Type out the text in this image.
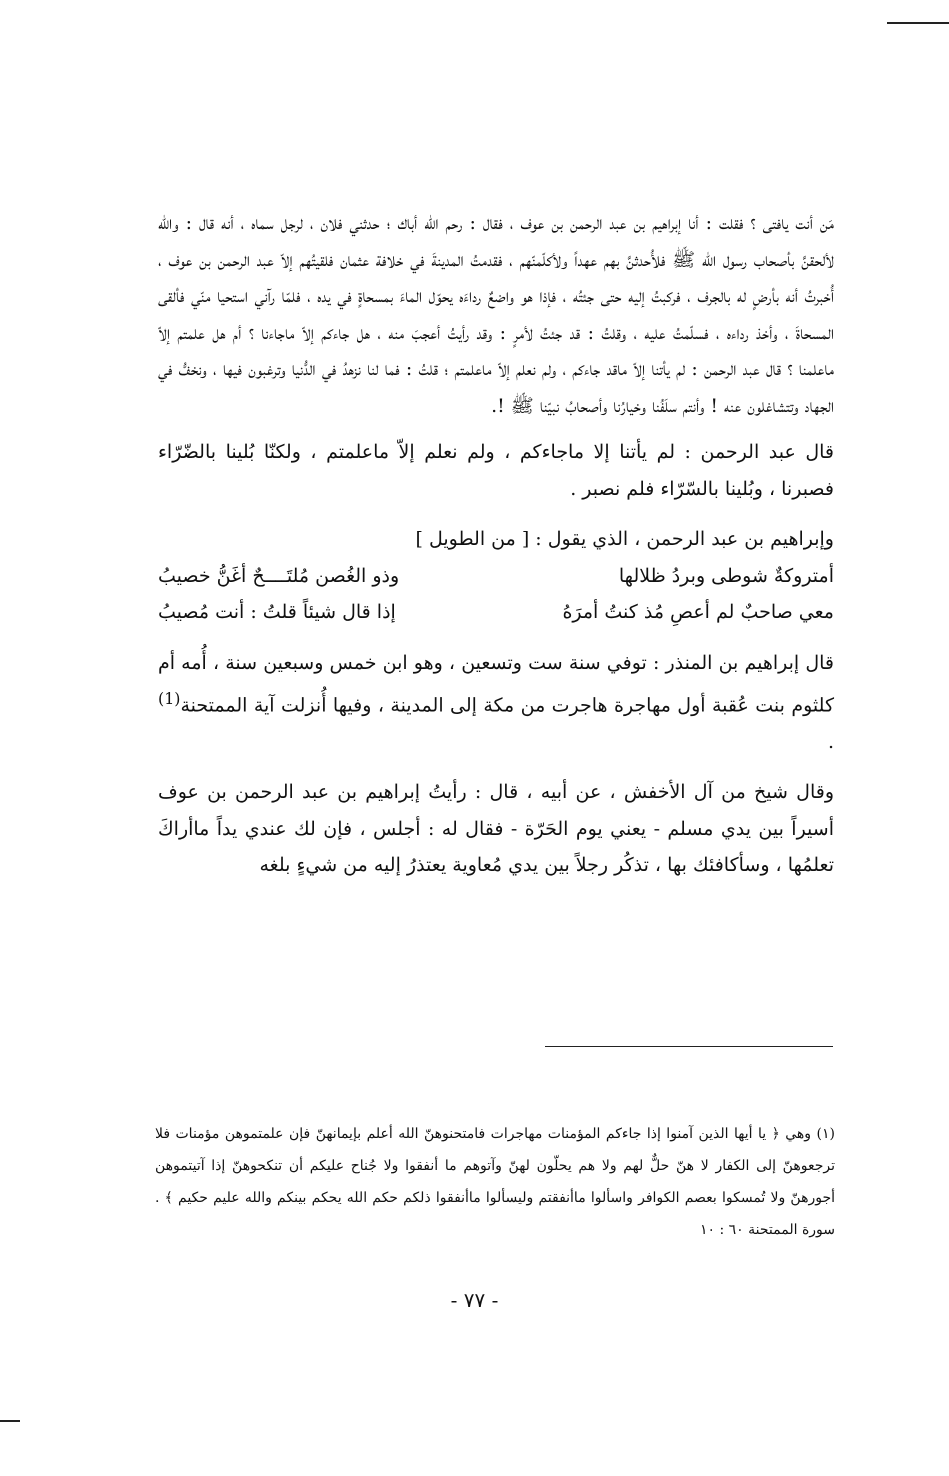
مَن أنت يافتى ؟ فقلت : أنا إبراهيم بن عبد الرحمن بن عوف ، فقال : رحم الله أباك ؛ حدثني فلان ، لرجل سماه ، أنه قال : والله لألحقنَّ بأصحاب رسول الله ﷺ فلأُحدثنَّ بهم عهداً ولأكلّمنّهم ، فقدمتُ المدينةَ في خلافة عثمان فلقيتُهم إلاّ عبد الرحمن بن عوف ، أُخبرتُ أنه بأرضٍ له بالجرف ، فركبتُ إليه حتى جئتُه ، فإذا هو واضعٌ رداءَه يحوّل الماءَ بمسحاةٍ في يده ، فلمّا رآني استحيا منّي فألقى المسحاةَ ، وأخذ رداءه ، فسلّمتُ عليه ، وقلتُ : قد جئتُ لأمرٍ : وقد رأيتُ أعجبَ منه ، هل جاءكم إلاّ ماجاءنا ؟ أم هل علمتم إلاّ ماعلمنا ؟ قال عبد الرحمن : لم يأتنا إلاّ ماقد جاءكم ، ولم نعلم إلاّ ماعلمتم ؛ قلتُ : فما لنا نزهدُ في الدُّنيا وترغبون فيها ، ونخفُّ في الجهاد وتتشاغلون عنه ! وأنتم سلَفُنا وخيارُنا وأصحابُ نبيّنا ﷺ !.

قال عبد الرحمن : لم يأتنا إلا ماجاءكم ، ولم نعلم إلاّ ماعلمتم ، ولكنّا بُلينا بالضّرّاء فصبرنا ، وبُلينا بالسّرّاء فلم نصبر .

وإبراهيم بن عبد الرحمن ، الذي يقول : [ من الطويل ]

أمتروكةٌ شوطى وبردُ ظلالها
وذو الغُصن مُلتَــــحٌ أغَنُّ خصيبُ
معي صاحبٌ لم أعصِ مُذ كنتُ أمرَهُ
إذا قال شيئاً قلتُ : أنت مُصيبُ

قال إبراهيم بن المنذر : توفي سنة ست وتسعين ، وهو ابن خمس وسبعين سنة ، أُمه أم كلثوم بنت عُقبة أول مهاجرة هاجرت من مكة إلى المدينة ، وفيها أُنزلت آية الممتحنة$^{(1)}$ .

وقال شيخ من آل الأخفش ، عن أبيه ، قال : رأيتُ إبراهيم بن عبد الرحمن بن عوف أسيراً بين يدي مسلم - يعني يوم الحَرّة - فقال له : أجلس ، فإن لك عندي يداً ماأراكَ تعلمُها ، وسأكافئك بها ، تذكُر رجلاً بين يدي مُعاوية يعتذرُ إليه من شيءٍ بلغه

(١) وهي ﴿ يا أيها الذين آمنوا إذا جاءكم المؤمنات مهاجرات فامتحنوهنّ الله أعلم بإيمانهنّ فإن علمتموهن مؤمنات فلا ترجعوهنّ إلى الكفار لا هنّ حلٌّ لهم ولا هم يحلّون لهنّ وآتوهم ما أنفقوا ولا جُناح عليكم أن تنكحوهنّ إذا آتيتموهن أجورهنّ ولا تُمسكوا بعصم الكوافر واسألوا ماأنفقتم وليسألوا ماأنفقوا ذلكم حكم الله يحكم بينكم والله عليم حكيم ﴾ . سورة الممتحنة ٦٠ : ١٠

- ٧٧ -
